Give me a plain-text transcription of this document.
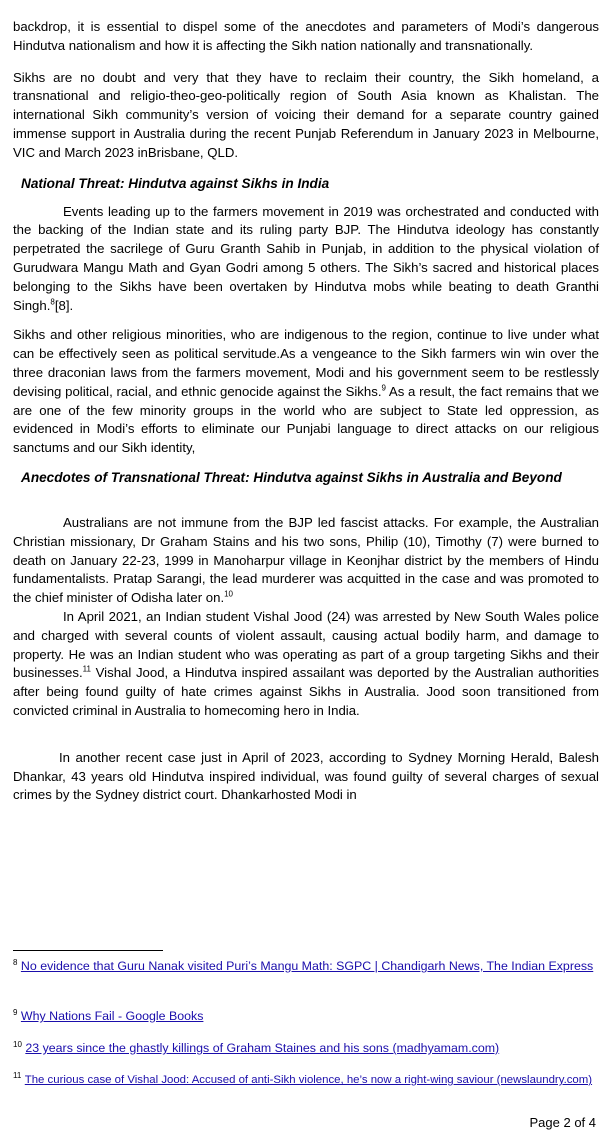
backdrop, it is essential to dispel some of the anecdotes and parameters of Modi’s dangerous Hindutva nationalism and how it is affecting the Sikh nation nationally and transnationally.

Sikhs are no doubt and very that they have to reclaim their country, the Sikh homeland, a transnational and religio-theo-geo-politically region of South Asia known as Khalistan. The international Sikh community’s version of voicing their demand for a separate country gained immense support in Australia during the recent Punjab Referendum in January 2023 in Melbourne, VIC and March 2023 inBrisbane, QLD.

National Threat: Hindutva against Sikhs in India

Events leading up to the farmers movement in 2019 was orchestrated and conducted with the backing of the Indian state and its ruling party BJP. The Hindutva ideology has constantly perpetrated the sacrilege of Guru Granth Sahib in Punjab, in addition to the physical violation of Gurudwara Mangu Math and Gyan Godri among 5 others. The Sikh’s sacred and historical places belonging to the Sikhs have been overtaken by Hindutva mobs while beating to death Granthi Singh.$^8$[8].

Sikhs and other religious minorities, who are indigenous to the region, continue to live under what can be effectively seen as political servitude.As a vengeance to the Sikh farmers win win over the three draconian laws from the farmers movement, Modi and his government seem to be restlessly devising political, racial, and ethnic genocide against the Sikhs.$^9$ As a result, the fact remains that we are one of the few minority groups in the world who are subject to State led oppression, as evidenced in Modi’s efforts to eliminate our Punjabi language to direct attacks on our religious sanctums and our Sikh identity,

Anecdotes of Transnational Threat: Hindutva against Sikhs in Australia and Beyond

Australians are not immune from the BJP led fascist attacks. For example, the Australian Christian missionary, Dr Graham Stains and his two sons, Philip (10), Timothy (7) were burned to death on January 22-23, 1999 in Manoharpur village in Keonjhar district by the members of Hindu fundamentalists. Pratap Sarangi, the lead murderer was acquitted in the case and was promoted to the chief minister of Odisha later on.$^{10}$

In April 2021, an Indian student Vishal Jood (24) was arrested by New South Wales police and charged with several counts of violent assault, causing actual bodily harm, and damage to property. He was an Indian student who was operating as part of a group targeting Sikhs and their businesses.$^{11}$ Vishal Jood, a Hindutva inspired assailant was deported by the Australian authorities after being found guilty of hate crimes against Sikhs in Australia. Jood soon transitioned from convicted criminal in Australia to homecoming hero in India.

In another recent case just in April of 2023, according to Sydney Morning Herald, Balesh Dhankar, 43 years old Hindutva inspired individual, was found guilty of several charges of sexual crimes by the Sydney district court. Dhankarhosted Modi in

$^8$ No evidence that Guru Nanak visited Puri’s Mangu Math: SGPC | Chandigarh News, The Indian Express
$^9$ Why Nations Fail - Google Books
$^{10}$ 23 years since the ghastly killings of Graham Staines and his sons (madhyamam.com)
$^{11}$ The curious case of Vishal Jood: Accused of anti-Sikh violence, he’s now a right-wing saviour (newslaundry.com)
Page 2 of 4
